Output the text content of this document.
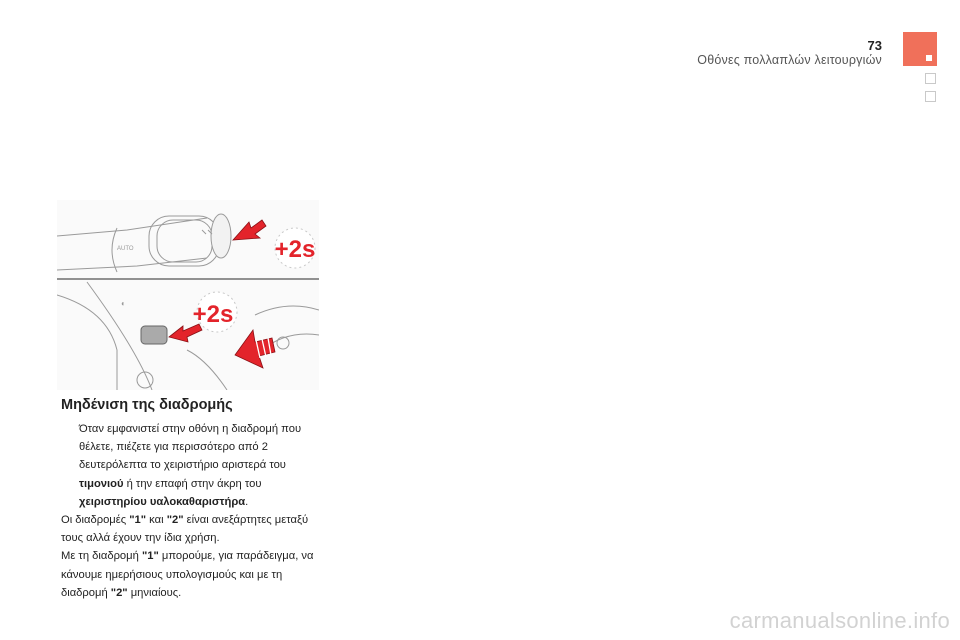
73
Οθόνες πολλαπλών λειτουργιών
AUTO	+2s
◐	+2s
Μηδένιση της διαδρομής
Όταν εμφανιστεί στην οθόνη η διαδρομή που θέλετε, πιέζετε για περισσότερο από 2 δευτερόλεπτα το χειριστήριο αριστερά του τιμονιού ή την επαφή στην άκρη του χειριστηρίου υαλοκαθαριστήρα.

Οι διαδρομές "1" και "2" είναι ανεξάρτητες μεταξύ τους αλλά έχουν την ίδια χρήση.

Με τη διαδρομή "1" μπορούμε, για παράδειγμα, να κάνουμε ημερήσιους υπολογισμούς και με τη διαδρομή "2" μηνιαίους.

carmanualsonline.info
